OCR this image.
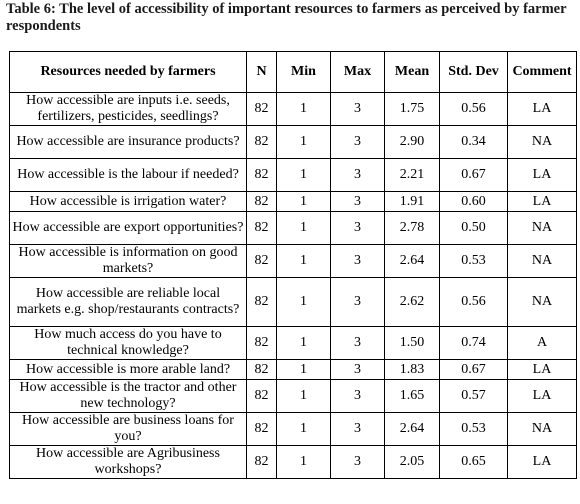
Table 6: The level of accessibility of important resources to farmers as perceived by farmer respondents
Resources needed by farmers	N	Min	Max	Mean	Std. Dev	Comment
How accessible are inputs i.e. seeds, fertilizers, pesticides, seedlings?	82	1	3	1.75	0.56	LA
How accessible are insurance products?	82	1	3	2.90	0.34	NA
How accessible is the labour if needed?	82	1	3	2.21	0.67	LA
How accessible is irrigation water?	82	1	3	1.91	0.60	LA
How accessible are export opportunities?	82	1	3	2.78	0.50	NA
How accessible is information on good markets?	82	1	3	2.64	0.53	NA
How accessible are reliable local markets e.g. shop/restaurants contracts?	82	1	3	2.62	0.56	NA
How much access do you have to technical knowledge?	82	1	3	1.50	0.74	A
How accessible is more arable land?	82	1	3	1.83	0.67	LA
How accessible is the tractor and other new technology?	82	1	3	1.65	0.57	LA
How accessible are business loans for you?	82	1	3	2.64	0.53	NA
How accessible are Agribusiness workshops?	82	1	3	2.05	0.65	LA
